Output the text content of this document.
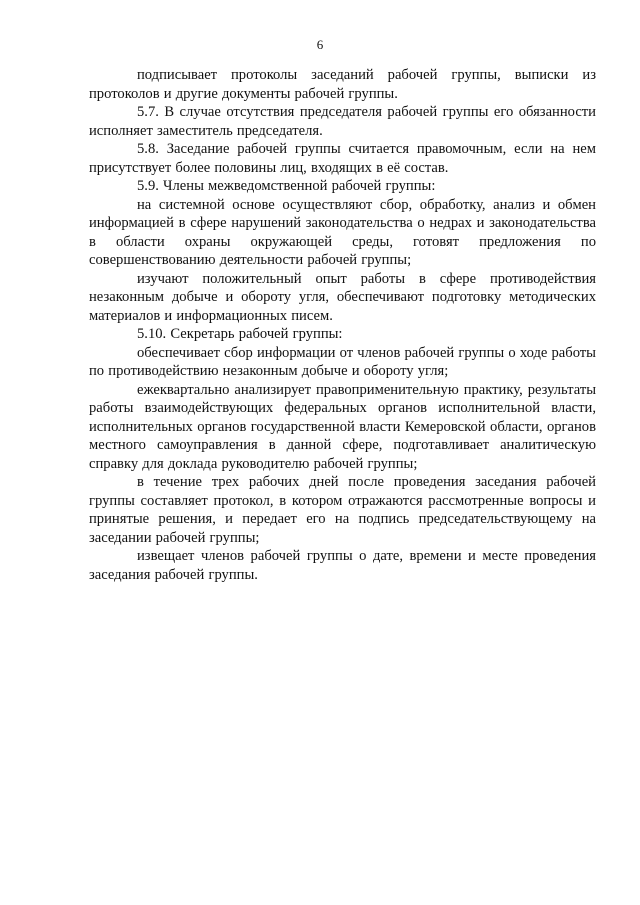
6

подписывает протоколы заседаний рабочей группы, выписки из протоколов и другие документы рабочей группы.

5.7. В случае отсутствия председателя рабочей группы его обязанности исполняет заместитель председателя.

5.8. Заседание рабочей группы считается правомочным, если на нем присутствует более половины лиц, входящих в её состав.

5.9. Члены межведомственной рабочей группы:

на системной основе осуществляют сбор, обработку, анализ и обмен информацией в сфере нарушений законодательства о недрах и законодательства в области охраны окружающей среды, готовят предложения по совершенствованию деятельности рабочей группы;

изучают положительный опыт работы в сфере противодействия незаконным добыче и обороту угля, обеспечивают подготовку методических материалов и информационных писем.

5.10. Секретарь рабочей группы:

обеспечивает сбор информации от членов рабочей группы о ходе работы по противодействию незаконным добыче и обороту угля;

ежеквартально анализирует правоприменительную практику, результаты работы взаимодействующих федеральных органов исполнительной власти, исполнительных органов государственной власти Кемеровской области, органов местного самоуправления в данной сфере, подготавливает аналитическую справку для доклада руководителю рабочей группы;

в течение трех рабочих дней после проведения заседания рабочей группы составляет протокол, в котором отражаются рассмотренные вопросы и принятые решения, и передает его на подпись председательствующему на заседании рабочей группы;

извещает членов рабочей группы о дате, времени и месте проведения заседания рабочей группы.
